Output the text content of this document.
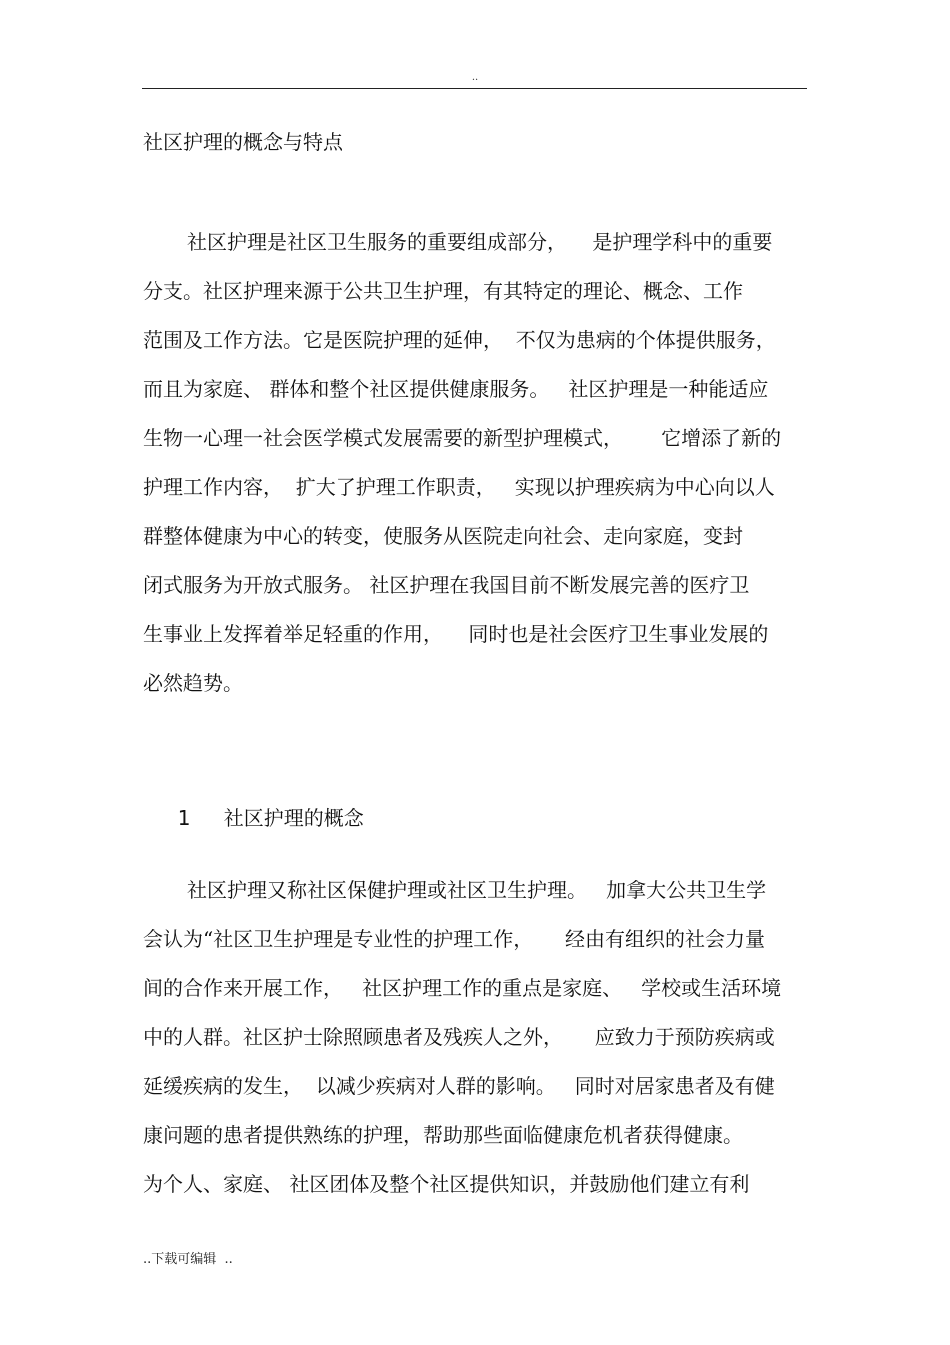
..
社区护理的概念与特点
社区护理是社区卫生服务的重要组成部分，    是护理学科中的重要
分支。社区护理来源于公共卫生护理，有其特定的理论、概念、工作
范围及工作方法。它是医院护理的延伸，  不仅为患病的个体提供服务，
而且为家庭、 群体和整个社区提供健康服务。   社区护理是一种能适应
生物一心理一社会医学模式发展需要的新型护理模式，      它增添了新的
护理工作内容，  扩大了护理工作职责，   实现以护理疾病为中心向以人
群整体健康为中心的转变，使服务从医院走向社会、走向家庭，变封
闭式服务为开放式服务。 社区护理在我国目前不断发展完善的医疗卫
生事业上发挥着举足轻重的作用，    同时也是社会医疗卫生事业发展的
必然趋势。

1 社区护理的概念

社区护理又称社区保健护理或社区卫生护理。   加拿大公共卫生学
会认为“社区卫生护理是专业性的护理工作，     经由有组织的社会力量
间的合作来开展工作，   社区护理工作的重点是家庭、   学校或生活环境
中的人群。社区护士除照顾患者及残疾人之外，     应致力于预防疾病或
延缓疾病的发生，  以减少疾病对人群的影响。   同时对居家患者及有健
康问题的患者提供熟练的护理，帮助那些面临健康危机者获得健康。
为个人、家庭、 社区团体及整个社区提供知识，并鼓励他们建立有利
..下载可编辑  ..
